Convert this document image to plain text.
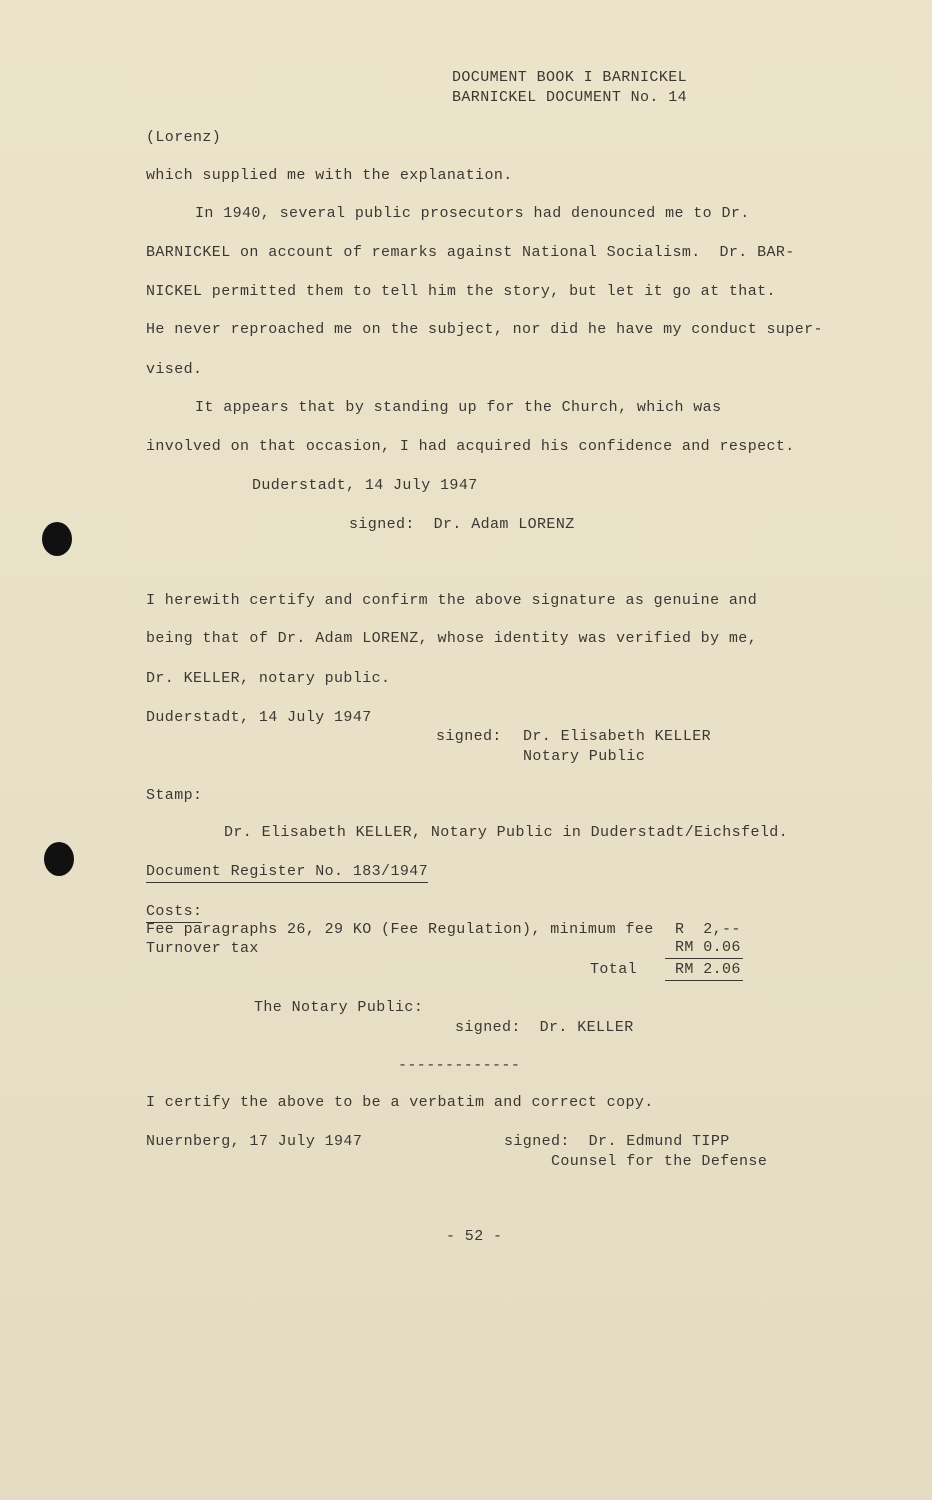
DOCUMENT BOOK I BARNICKEL
BARNICKEL DOCUMENT No. 14
(Lorenz)
which supplied me with the explanation.
In 1940, several public prosecutors had denounced me to Dr.
BARNICKEL on account of remarks against National Socialism.  Dr. BAR-
NICKEL permitted them to tell him the story, but let it go at that.
He never reproached me on the subject, nor did he have my conduct super-
vised.
It appears that by standing up for the Church, which was
involved on that occasion, I had acquired his confidence and respect.
Duderstadt, 14 July 1947
signed:  Dr. Adam LORENZ
I herewith certify and confirm the above signature as genuine and
being that of Dr. Adam LORENZ, whose identity was verified by me,
Dr. KELLER, notary public.
Duderstadt, 14 July 1947
signed: Dr. Elisabeth KELLER
Notary Public
Stamp:
Dr. Elisabeth KELLER, Notary Public in Duderstadt/Eichsfeld.
Document Register No. 183/1947
Costs:
Fee paragraphs 26, 29 KO (Fee Regulation), minimum fee R  2,--
Turnover tax	RM 0.06
Total	RM 2.06
The Notary Public:
signed:  Dr. KELLER
-------------
I certify the above to be a verbatim and correct copy.
Nuernberg, 17 July 1947	signed:  Dr. Edmund TIPP
Counsel for the Defense
- 52 -
